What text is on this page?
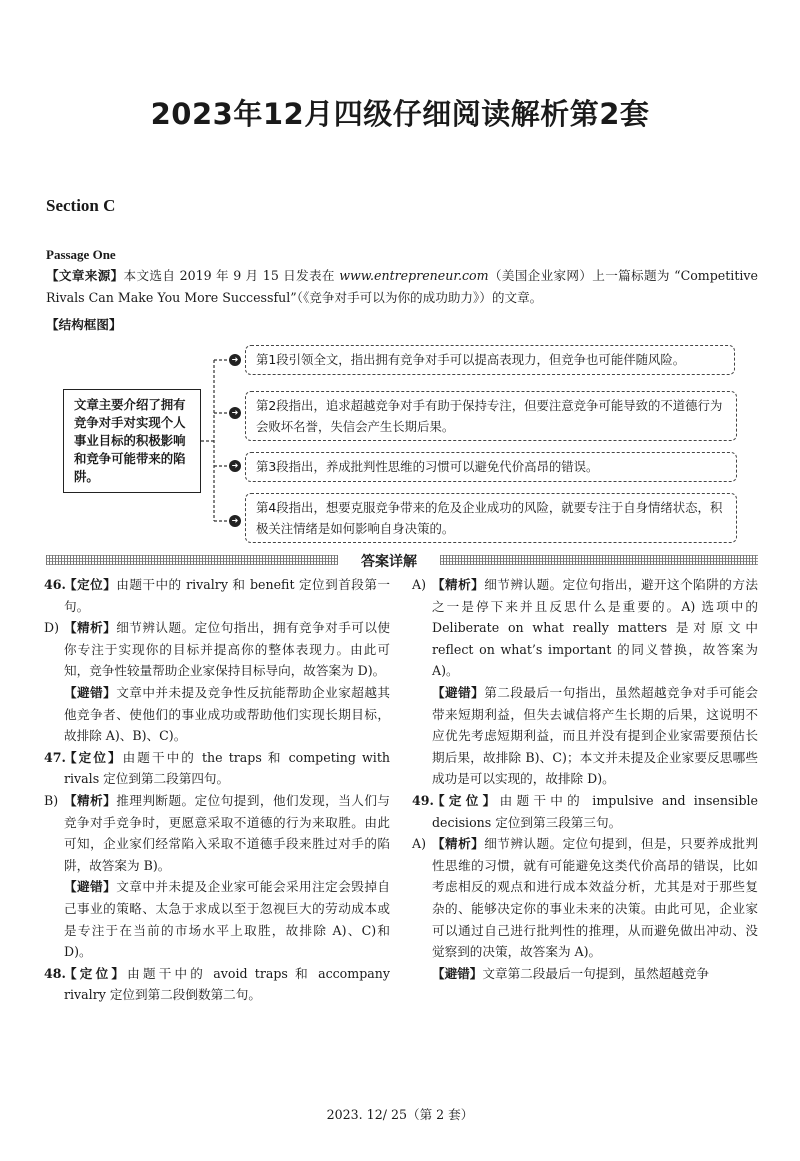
2023年12月四级仔细阅读解析第2套
Section C
Passage One
【文章来源】本文选自 2019 年 9 月 15 日发表在 www.entrepreneur.com（美国企业家网）上一篇标题为 “Competitive Rivals Can Make You More Successful”（《竞争对手可以为你的成功助力》）的文章。
【结构框图】
文章主要介绍了拥有竞争对手对实现个人事业目标的积极影响和竞争可能带来的陷阱。
➜
➜
➜
➜
第1段引领全文，指出拥有竞争对手可以提高表现力，但竞争也可能伴随风险。
第2段指出，追求超越竞争对手有助于保持专注，但要注意竞争可能导致的不道德行为会败坏名誉，失信会产生长期后果。
第3段指出，养成批判性思维的习惯可以避免代价高昂的错误。
第4段指出，想要克服竞争带来的危及企业成功的风险，就要专注于自身情绪状态，积极关注情绪是如何影响自身决策的。
答案详解
46.
【定位】由题干中的 rivalry 和 benefit 定位到首段第一句。
D) 【精析】细节辨认题。定位句指出，拥有竞争对手可以使你专注于实现你的目标并提高你的整体表现力。由此可知，竞争性较量帮助企业家保持目标导向，故答案为 D)。
【避错】文章中并未提及竞争性反抗能帮助企业家超越其他竞争者、使他们的事业成功或帮助他们实现长期目标，故排除 A)、B)、C)。
47.
【定位】由题干中的 the traps 和 competing with rivals 定位到第二段第四句。
B) 【精析】推理判断题。定位句提到，他们发现，当人们与竞争对手竞争时，更愿意采取不道德的行为来取胜。由此可知，企业家们经常陷入采取不道德手段来胜过对手的陷阱，故答案为 B)。
【避错】文章中并未提及企业家可能会采用注定会毁掉自己事业的策略、太急于求成以至于忽视巨大的劳动成本或是专注于在当前的市场水平上取胜，故排除 A)、C)和 D)。
48.
【定位】由题干中的 avoid traps 和 accompany rivalry 定位到第二段倒数第二句。
A) 【精析】细节辨认题。定位句指出，避开这个陷阱的方法之一是停下来并且反思什么是重要的。A) 选项中的 Deliberate on what really matters 是对原文中 reflect on what’s important 的同义替换，故答案为 A)。
【避错】第二段最后一句指出，虽然超越竞争对手可能会带来短期利益，但失去诚信将产生长期的后果，这说明不应优先考虑短期利益，而且并没有提到企业家需要预估长期后果，故排除 B)、C)；本文并未提及企业家要反思哪些成功是可以实现的，故排除 D)。
49.
【定位】由题干中的 impulsive and insensible decisions 定位到第三段第三句。
A) 【精析】细节辨认题。定位句提到，但是，只要养成批判性思维的习惯，就有可能避免这类代价高昂的错误，比如考虑相反的观点和进行成本效益分析，尤其是对于那些复杂的、能够决定你的事业未来的决策。由此可见，企业家可以通过自己进行批判性的推理，从而避免做出冲动、没觉察到的决策，故答案为 A)。
【避错】文章第二段最后一句提到，虽然超越竞争
2023. 12/ 25（第 2 套）
